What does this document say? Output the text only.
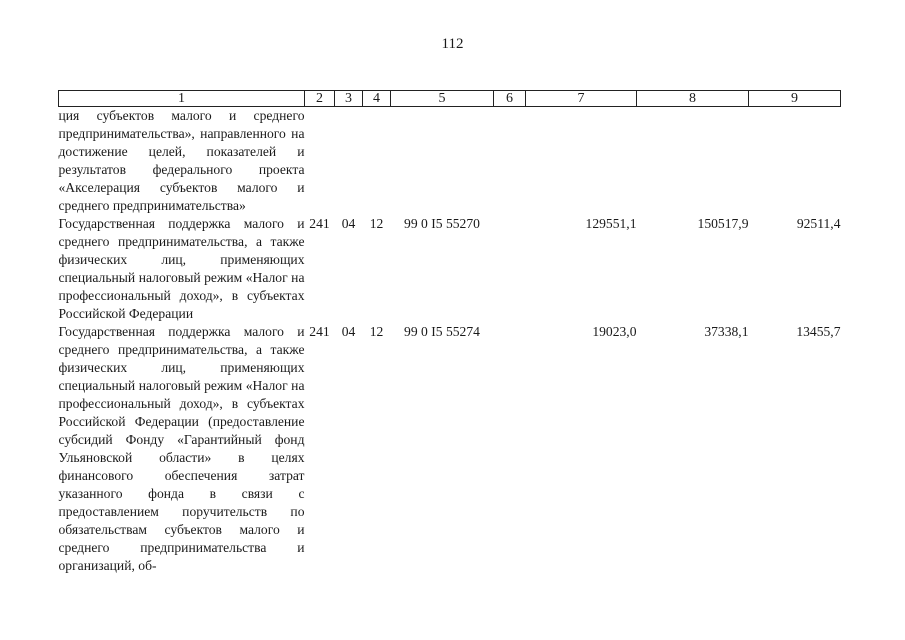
112
1	2	3	4	5	6	7	8	9
ция субъектов малого и среднего предпринимательства», направленного на достижение целей, показателей и результатов федерального проекта «Акселерация субъектов малого и среднего предпринимательства»								
Государственная поддержка малого и среднего предпринимательства, а также физических лиц, применяющих специальный налоговый режим «Налог на профессиональный доход», в субъектах Российской Федерации	241	04	12	99 0 I5 55270		129551,1	150517,9	92511,4
Государственная поддержка малого и среднего предпринимательства, а также физических лиц, применяющих специальный налоговый режим «Налог на профессиональный доход», в субъектах Российской Федерации (предоставление субсидий Фонду «Гарантийный фонд Ульяновской области» в целях финансового обеспечения затрат указанного фонда в связи с предоставлением поручительств по обязательствам субъектов малого и среднего предпринимательства и организаций, об-	241	04	12	99 0 I5 55274		19023,0	37338,1	13455,7
